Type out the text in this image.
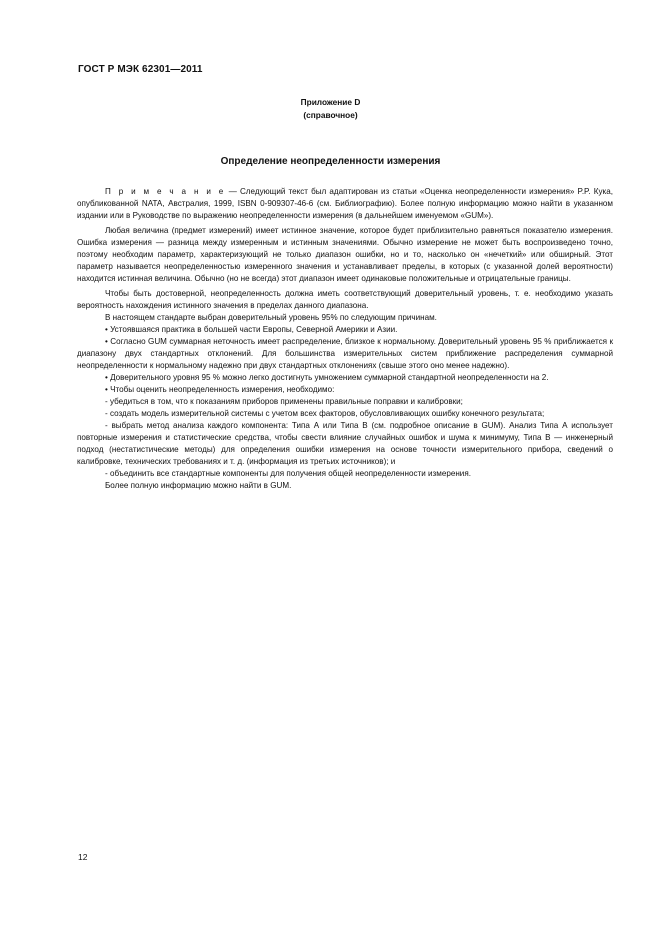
ГОСТ Р МЭК 62301—2011
Приложение D
(справочное)
Определение неопределенности измерения

П р и м е ч а н и е — Следующий текст был адаптирован из статьи «Оценка неопределенности измерения» P.P. Кука, опубликованной NATA, Австралия, 1999, ISBN 0-909307-46-6 (см. Библиографию). Более полную информацию можно найти в указанном издании или в Руководстве по выражению неопределенности измерения (в дальнейшем именуемом «GUM»).

Любая величина (предмет измерений) имеет истинное значение, которое будет приблизительно равняться показателю измерения. Ошибка измерения — разница между измеренным и истинным значениями. Обычно измерение не может быть воспроизведено точно, поэтому необходим параметр, характеризующий не только диапазон ошибки, но и то, насколько он «нечеткий» или обширный. Этот параметр называется неопределенностью измеренного значения и устанавливает пределы, в которых (с указанной долей вероятности) находится истинная величина. Обычно (но не всегда) этот диапазон имеет одинаковые положительные и отрицательные границы.

Чтобы быть достоверной, неопределенность должна иметь соответствующий доверительный уровень, т. е. необходимо указать вероятность нахождения истинного значения в пределах данного диапазона.

В настоящем стандарте выбран доверительный уровень 95% по следующим причинам.

• Устоявшаяся практика в большей части Европы, Северной Америки и Азии.

• Согласно GUM суммарная неточность имеет распределение, близкое к нормальному. Доверительный уровень 95 % приближается к диапазону двух стандартных отклонений. Для большинства измерительных систем приближение распределения суммарной неопределенности к нормальному надежно при двух стандартных отклонениях (свыше этого оно менее надежно).

• Доверительного уровня 95 % можно легко достигнуть умножением суммарной стандартной неопределенности на 2.

• Чтобы оценить неопределенность измерения, необходимо:

- убедиться в том, что к показаниям приборов применены правильные поправки и калибровки;

- создать модель измерительной системы с учетом всех факторов, обусловливающих ошибку конечного результата;

- выбрать метод анализа каждого компонента: Типа А или Типа В (см. подробное описание в GUM). Анализ Типа А использует повторные измерения и статистические средства, чтобы свести влияние случайных ошибок и шума к минимуму, Типа В — инженерный подход (нестатистические методы) для определения ошибки измерения на основе точности измерительного прибора, сведений о калибровке, технических требованиях и т. д. (информация из третьих источников); и

- объединить все стандартные компоненты для получения общей неопределенности измерения.

Более полную информацию можно найти в GUM.

12
